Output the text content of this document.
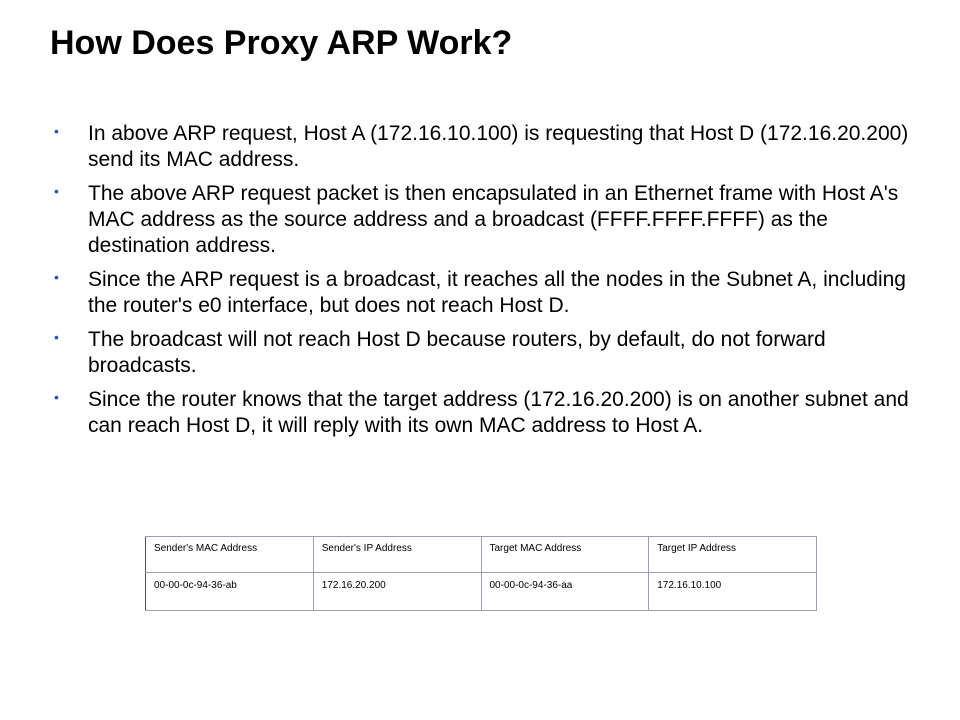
How Does Proxy ARP Work?
• In above ARP request, Host A (172.16.10.100) is requesting that Host D (172.16.20.200) send its MAC address.
• The above ARP request packet is then encapsulated in an Ethernet frame with Host A's MAC address as the source address and a broadcast (FFFF.FFFF.FFFF) as the destination address.
• Since the ARP request is a broadcast, it reaches all the nodes in the Subnet A, including the router's e0 interface, but does not reach Host D.
• The broadcast will not reach Host D because routers, by default, do not forward broadcasts.
• Since the router knows that the target address (172.16.20.200) is on another subnet and can reach Host D, it will reply with its own MAC address to Host A.
Sender's MAC Address	Sender's IP Address	Target MAC Address	Target IP Address
00-00-0c-94-36-ab	172.16.20.200	00-00-0c-94-36-aa	172.16.10.100
